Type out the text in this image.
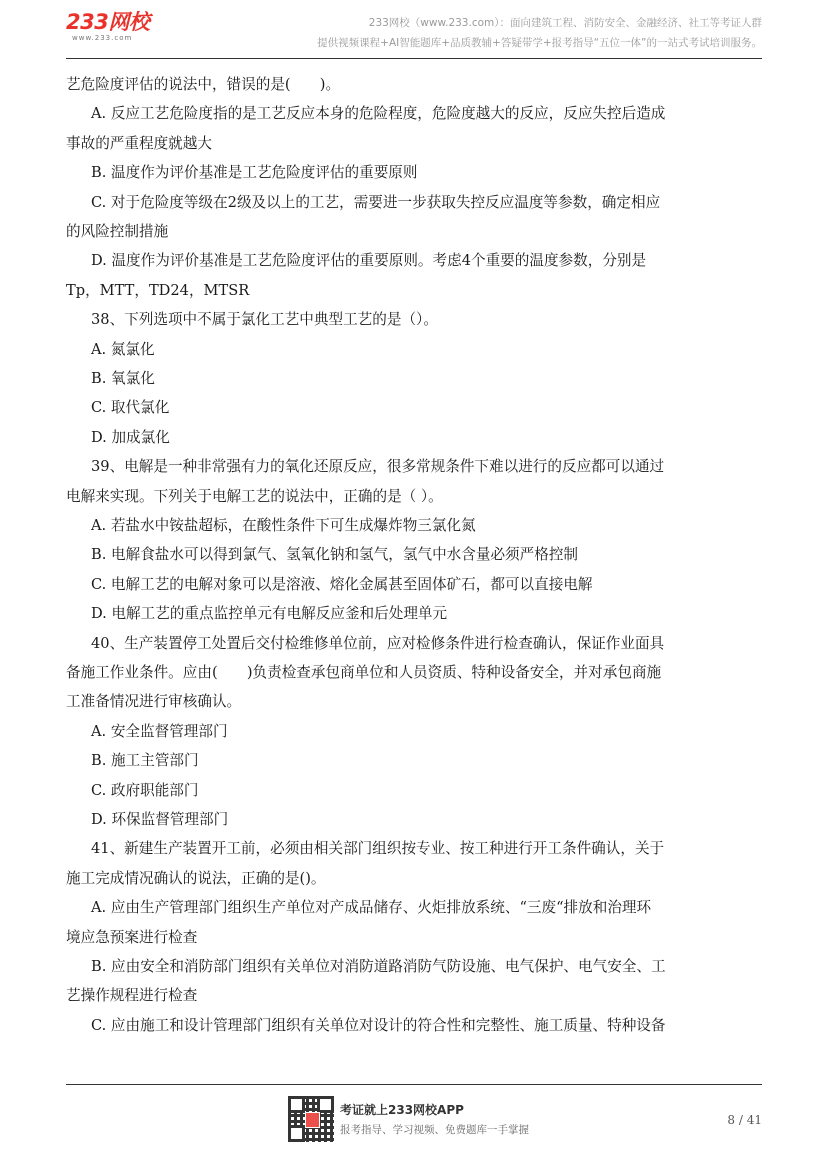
233网校
www.233.com
233网校（www.233.com）：面向建筑工程、消防安全、金融经济、社工等考证人群
提供视频课程+AI智能题库+品质教辅+答疑带学+报考指导“五位一体”的一站式考试培训服务。
艺危险度评估的说法中，错误的是(　　)。
A. 反应工艺危险度指的是工艺反应本身的危险程度，危险度越大的反应，反应失控后造成
事故的严重程度就越大
B. 温度作为评价基准是工艺危险度评估的重要原则
C. 对于危险度等级在2级及以上的工艺，需要进一步获取失控反应温度等参数，确定相应
的风险控制措施
D. 温度作为评价基准是工艺危险度评估的重要原则。考虑4个重要的温度参数，分别是
Tp，MTT，TD24，MTSR
38、下列选项中不属于氯化工艺中典型工艺的是（）。
A. 氮氯化
B. 氧氯化
C. 取代氯化
D. 加成氯化
39、电解是一种非常强有力的氧化还原反应，很多常规条件下难以进行的反应都可以通过
电解来实现。下列关于电解工艺的说法中，正确的是（ ）。
A. 若盐水中铵盐超标，在酸性条件下可生成爆炸物三氯化氮
B. 电解食盐水可以得到氯气、氢氧化钠和氢气，氢气中水含量必须严格控制
C. 电解工艺的电解对象可以是溶液、熔化金属甚至固体矿石，都可以直接电解
D. 电解工艺的重点监控单元有电解反应釜和后处理单元
40、生产装置停工处置后交付检维修单位前，应对检修条件进行检查确认，保证作业面具
备施工作业条件。应由(　　)负责检查承包商单位和人员资质、特种设备安全，并对承包商施
工准备情况进行审核确认。
A. 安全监督管理部门
B. 施工主管部门
C. 政府职能部门
D. 环保监督管理部门
41、新建生产装置开工前，必须由相关部门组织按专业、按工种进行开工条件确认，关于
施工完成情况确认的说法，正确的是()。
A. 应由生产管理部门组织生产单位对产成品储存、火炬排放系统、“三废“排放和治理环
境应急预案进行检查
B. 应由安全和消防部门组织有关单位对消防道路消防气防设施、电气保护、电气安全、工
艺操作规程进行检查
C. 应由施工和设计管理部门组织有关单位对设计的符合性和完整性、施工质量、特种设备
考证就上233网校APP
报考指导、学习视频、免费题库一手掌握
8 / 41
